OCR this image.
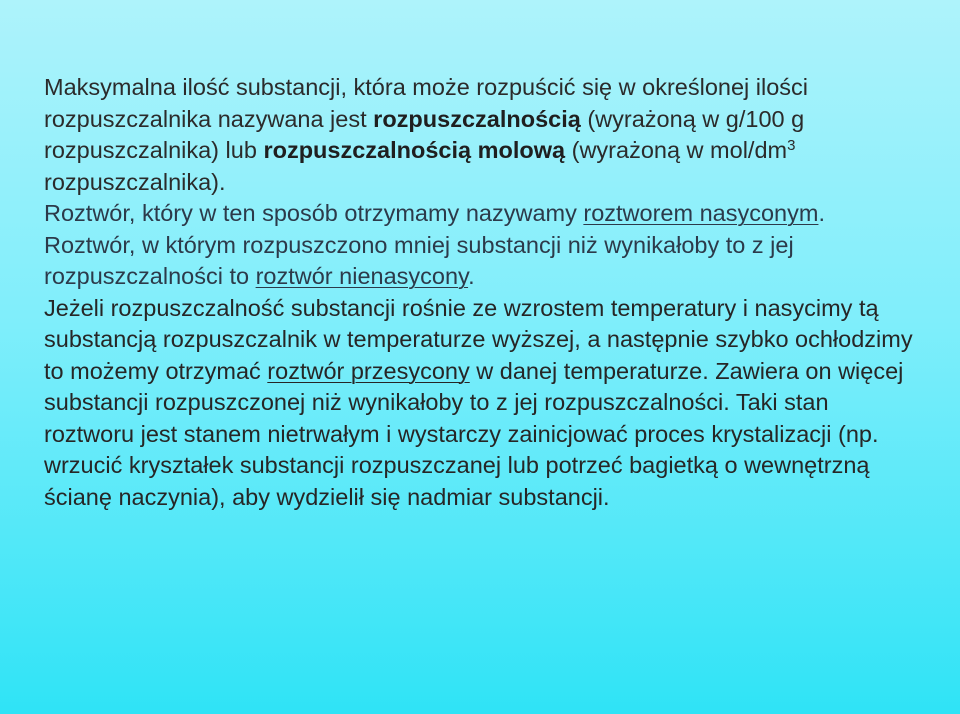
Maksymalna ilość substancji, która może rozpuścić się w określonej ilości rozpuszczalnika nazywana jest rozpuszczalnością (wyrażoną w g/100 g rozpuszczalnika) lub rozpuszczalnością molową (wyrażoną w mol/$dm^3$ rozpuszczalnika).

Roztwór, który w ten sposób otrzymamy nazywamy roztworem nasyconym.

Roztwór, w którym rozpuszczono mniej substancji niż wynikałoby to z jej rozpuszczalności to roztwór nienasycony.

Jeżeli rozpuszczalność substancji rośnie ze wzrostem temperatury i nasycimy tą substancją rozpuszczalnik w temperaturze wyższej, a następnie szybko ochłodzimy to możemy otrzymać roztwór przesycony w danej temperaturze. Zawiera on więcej substancji rozpuszczonej niż wynikałoby to z jej rozpuszczalności. Taki stan roztworu jest stanem nietrwałym i wystarczy zainicjować proces krystalizacji (np. wrzucić kryształek substancji rozpuszczanej lub potrzeć bagietką o wewnętrzną ścianę naczynia), aby wydzielił się nadmiar substancji.
